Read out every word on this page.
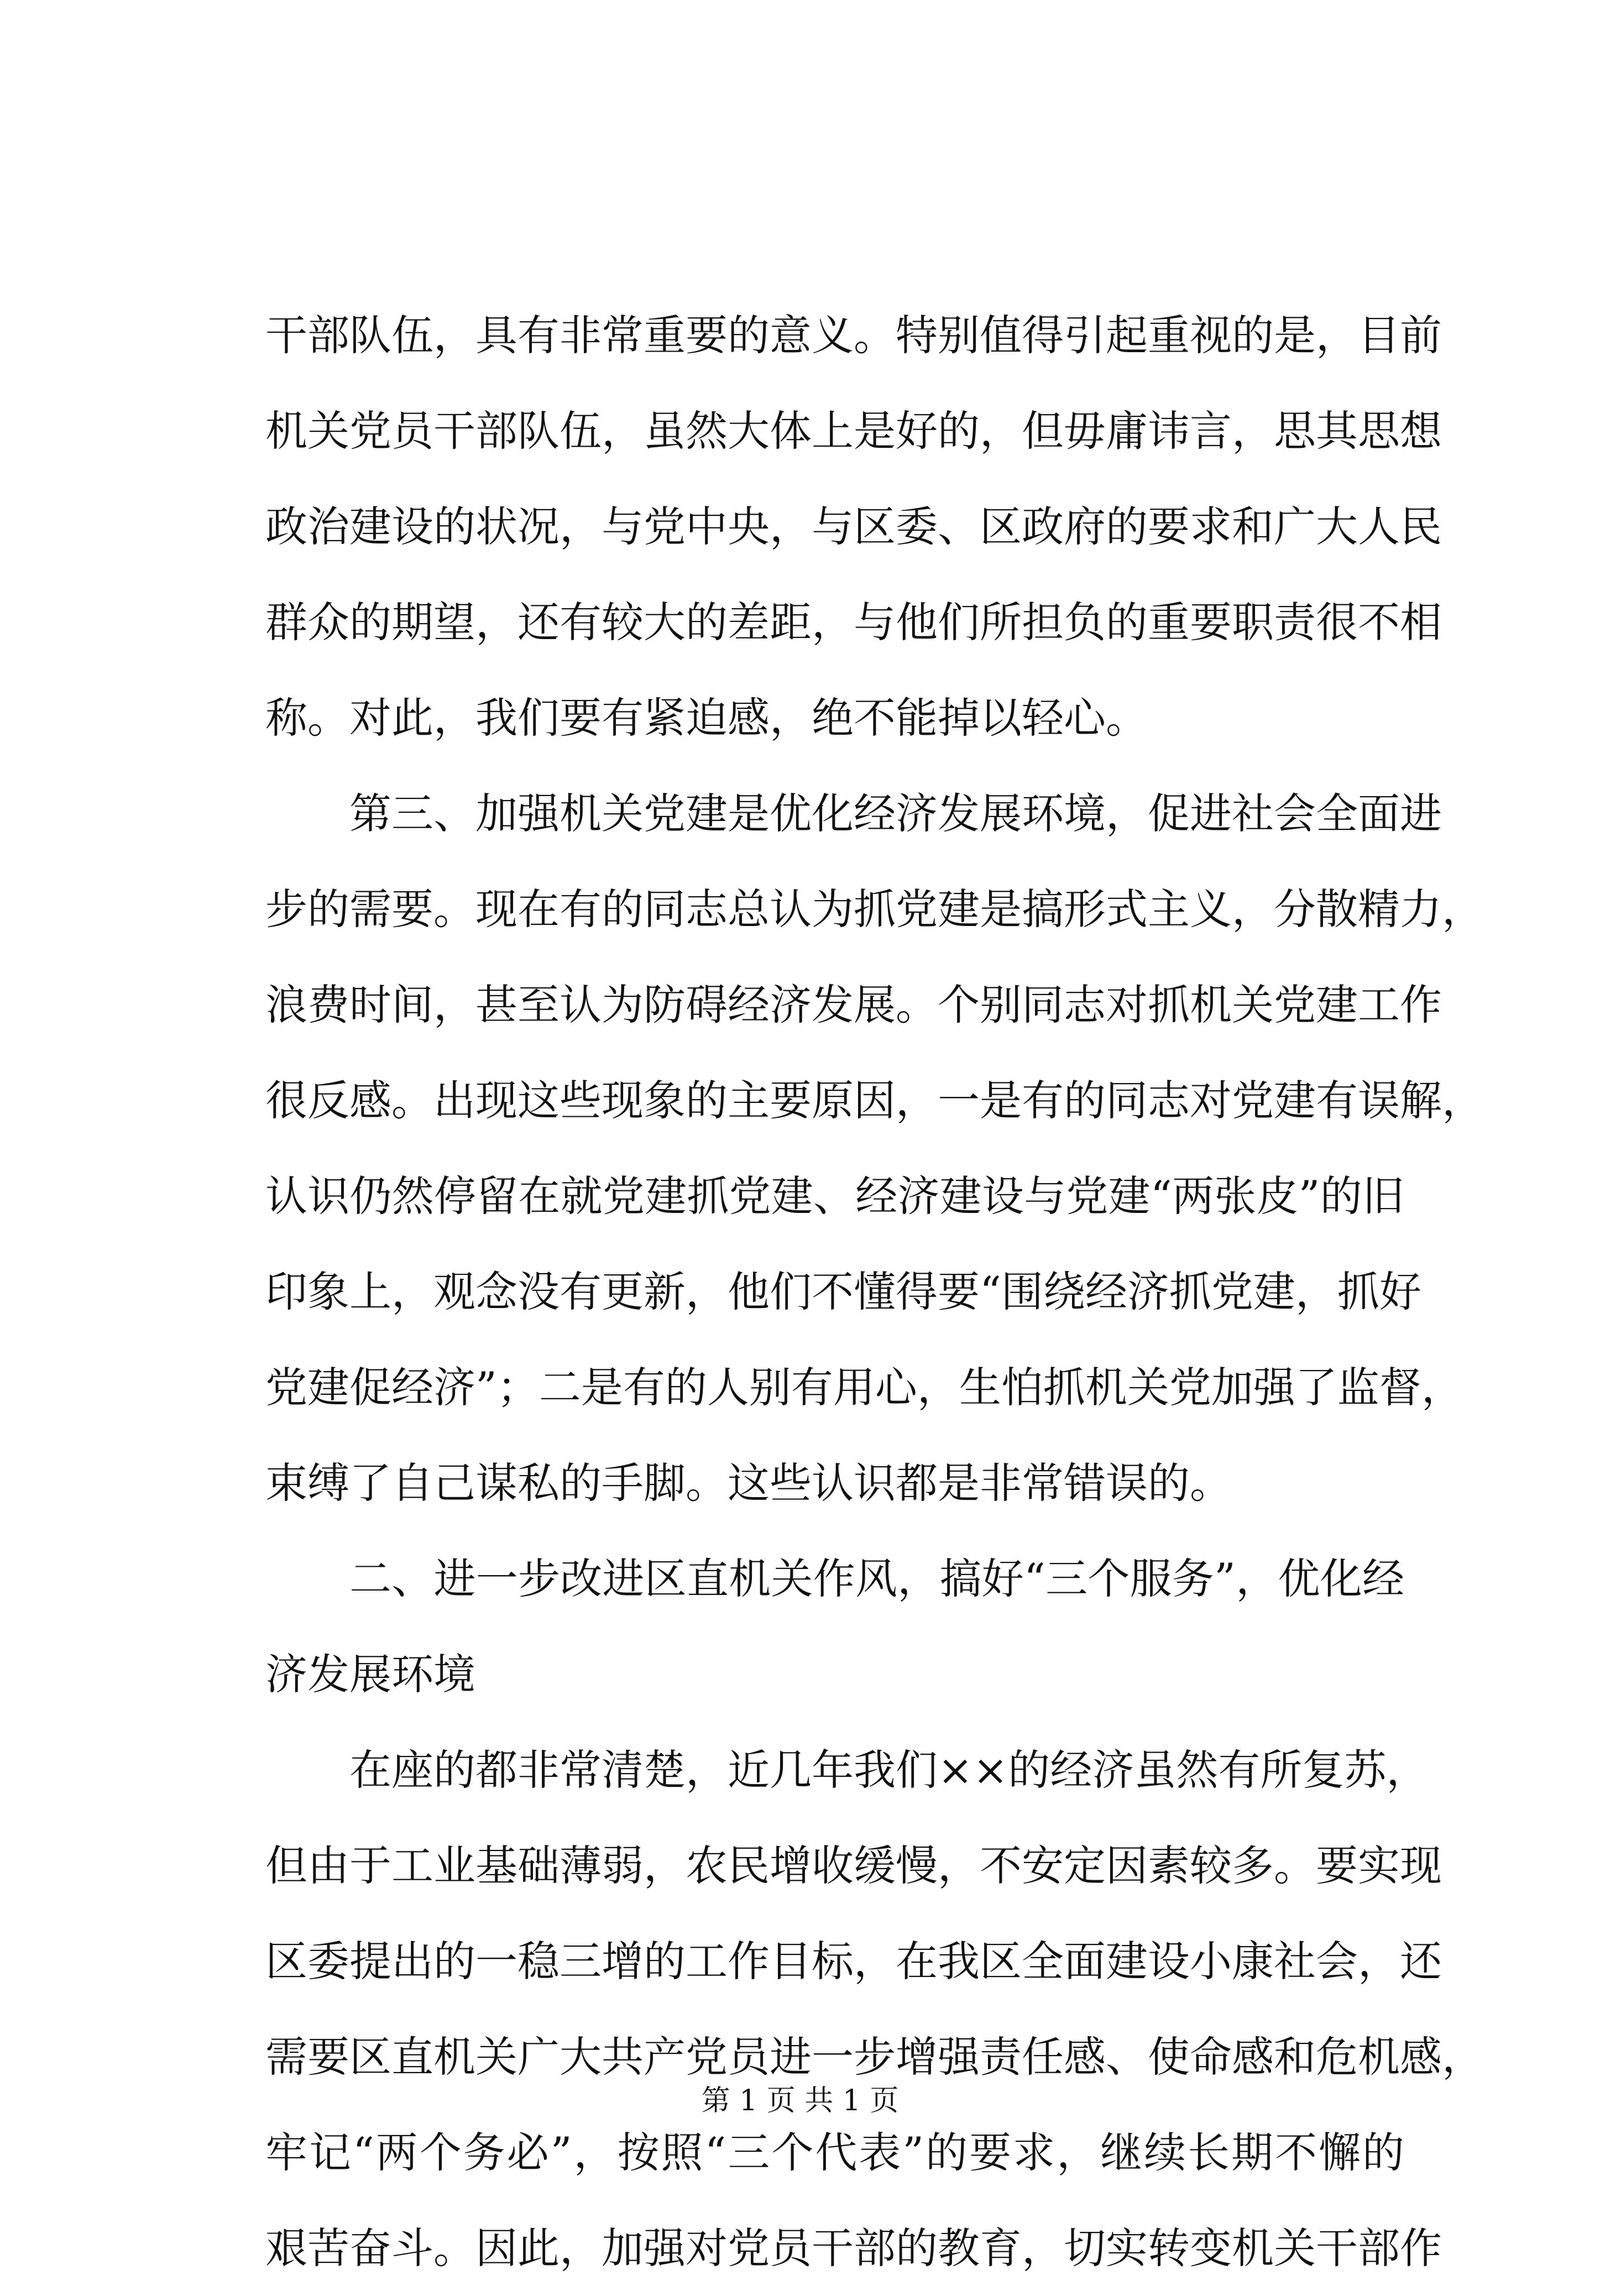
干部队伍，具有非常重要的意义。特别值得引起重视的是，目前
机关党员干部队伍，虽然大体上是好的，但毋庸讳言，思其思想
政治建设的状况，与党中央，与区委、区政府的要求和广大人民
群众的期望，还有较大的差距，与他们所担负的重要职责很不相
称。对此，我们要有紧迫感，绝不能掉以轻心。
第三、加强机关党建是优化经济发展环境，促进社会全面进
步的需要。现在有的同志总认为抓党建是搞形式主义，分散精力，
浪费时间，甚至认为防碍经济发展。个别同志对抓机关党建工作
很反感。出现这些现象的主要原因，一是有的同志对党建有误解，
认识仍然停留在就党建抓党建、经济建设与党建“两张皮”的旧
印象上，观念没有更新，他们不懂得要“围绕经济抓党建，抓好
党建促经济”；二是有的人别有用心，生怕抓机关党加强了监督，
束缚了自己谋私的手脚。这些认识都是非常错误的。
二、进一步改进区直机关作风，搞好“三个服务”，优化经
济发展环境
在座的都非常清楚，近几年我们××的经济虽然有所复苏，
但由于工业基础薄弱，农民增收缓慢，不安定因素较多。要实现
区委提出的一稳三增的工作目标，在我区全面建设小康社会，还
需要区直机关广大共产党员进一步增强责任感、使命感和危机感，
牢记“两个务必”，按照“三个代表”的要求，继续长期不懈的
艰苦奋斗。因此，加强对党员干部的教育，切实转变机关干部作
第 1 页 共 1 页
